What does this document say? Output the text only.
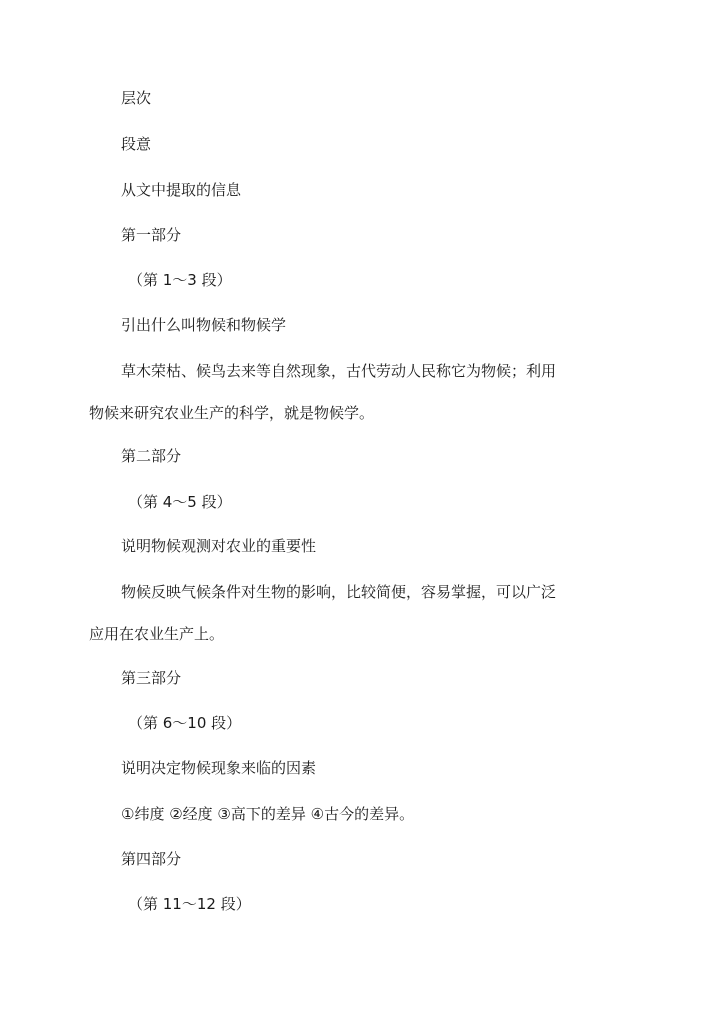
层次
段意
从文中提取的信息
第一部分
（第 1～3 段）
引出什么叫物候和物候学
草木荣枯、候鸟去来等自然现象，古代劳动人民称它为物候；利用
物候来研究农业生产的科学，就是物候学。
第二部分
（第 4～5 段）
说明物候观测对农业的重要性
物候反映气候条件对生物的影响，比较简便，容易掌握，可以广泛
应用在农业生产上。
第三部分
（第 6～10 段）
说明决定物候现象来临的因素
①纬度 ②经度 ③高下的差异 ④古今的差异。
第四部分
（第 11～12 段）
